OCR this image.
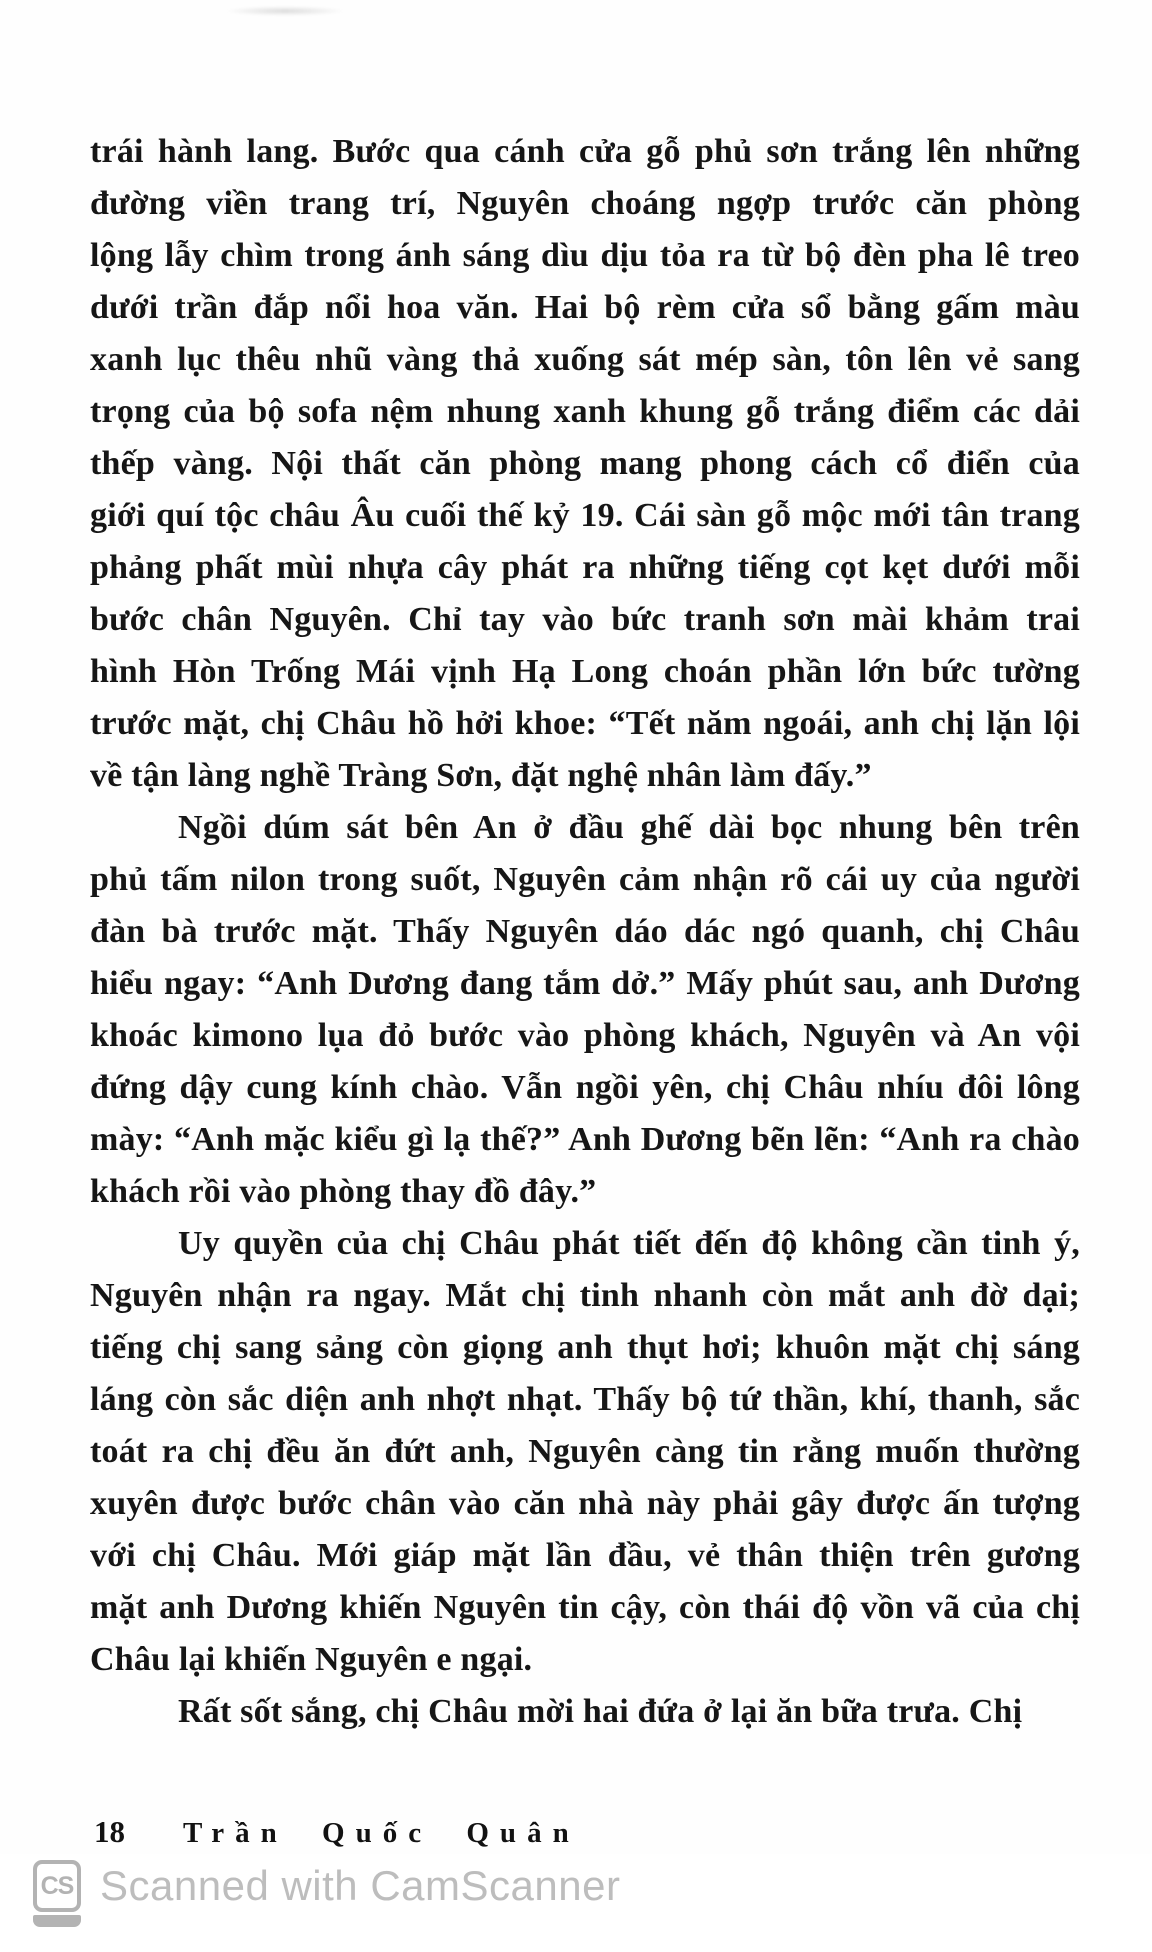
trái hành lang. Bước qua cánh cửa gỗ phủ sơn trắng lên những
đường viền trang trí, Nguyên choáng ngợp trước căn phòng
lộng lẫy chìm trong ánh sáng dìu dịu tỏa ra từ bộ đèn pha lê treo
dưới trần đắp nổi hoa văn. Hai bộ rèm cửa sổ bằng gấm màu
xanh lục thêu nhũ vàng thả xuống sát mép sàn, tôn lên vẻ sang
trọng của bộ sofa nệm nhung xanh khung gỗ trắng điểm các dải
thếp vàng. Nội thất căn phòng mang phong cách cổ điển của
giới quí tộc châu Âu cuối thế kỷ 19. Cái sàn gỗ mộc mới tân trang
phảng phất mùi nhựa cây phát ra những tiếng cọt kẹt dưới mỗi
bước chân Nguyên. Chỉ tay vào bức tranh sơn mài khảm trai
hình Hòn Trống Mái vịnh Hạ Long choán phần lớn bức tường
trước mặt, chị Châu hồ hởi khoe: “Tết năm ngoái, anh chị lặn lội
về tận làng nghề Tràng Sơn, đặt nghệ nhân làm đấy.”
Ngồi dúm sát bên An ở đầu ghế dài bọc nhung bên trên
phủ tấm nilon trong suốt, Nguyên cảm nhận rõ cái uy của người
đàn bà trước mặt. Thấy Nguyên dáo dác ngó quanh, chị Châu
hiểu ngay: “Anh Dương đang tắm dở.” Mấy phút sau, anh Dương
khoác kimono lụa đỏ bước vào phòng khách, Nguyên và An vội
đứng dậy cung kính chào. Vẫn ngồi yên, chị Châu nhíu đôi lông
mày: “Anh mặc kiểu gì lạ thế?” Anh Dương bẽn lẽn: “Anh ra chào
khách rồi vào phòng thay đồ đây.”
Uy quyền của chị Châu phát tiết đến độ không cần tinh ý,
Nguyên nhận ra ngay. Mắt chị tinh nhanh còn mắt anh đờ dại;
tiếng chị sang sảng còn giọng anh thụt hơi; khuôn mặt chị sáng
láng còn sắc diện anh nhợt nhạt. Thấy bộ tứ thần, khí, thanh, sắc
toát ra chị đều ăn đứt anh, Nguyên càng tin rằng muốn thường
xuyên được bước chân vào căn nhà này phải gây được ấn tượng
với chị Châu. Mới giáp mặt lần đầu, vẻ thân thiện trên gương
mặt anh Dương khiến Nguyên tin cậy, còn thái độ vồn vã của chị
Châu lại khiến Nguyên e ngại.
Rất sốt sắng, chị Châu mời hai đứa ở lại ăn bữa trưa. Chị
18 Trần Quốc Quân
CS Scanned with CamScanner
